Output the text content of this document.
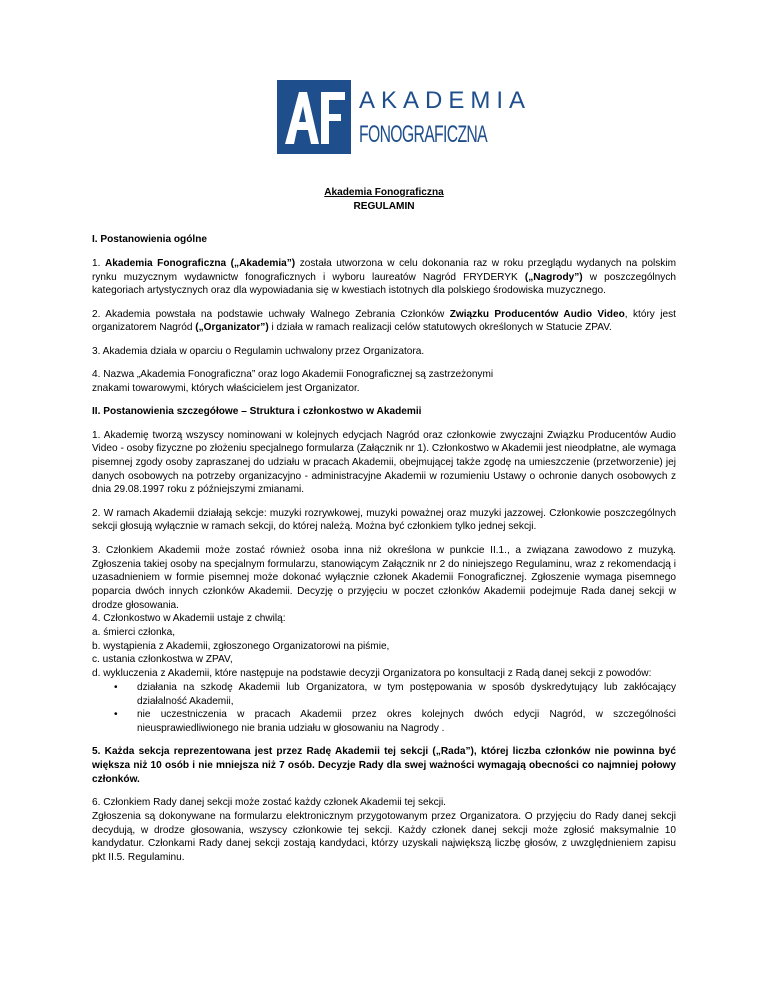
AKADEMIA
FONOGRAFICZNA
Akademia Fonograficzna
REGULAMIN
I. Postanowienia ogólne

1. Akademia Fonograficzna („Akademia”) została utworzona w celu dokonania raz w roku przeglądu wydanych na polskim rynku muzycznym wydawnictw fonograficznych i wyboru laureatów Nagród FRYDERYK („Nagrody”) w poszczególnych kategoriach artystycznych oraz dla wypowiadania się w kwestiach istotnych dla polskiego środowiska muzycznego.

2. Akademia powstała na podstawie uchwały Walnego Zebrania Członków Związku Producentów Audio Video, który jest organizatorem Nagród („Organizator”) i działa w ramach realizacji celów statutowych określonych w Statucie ZPAV.

3. Akademia działa w oparciu o Regulamin uchwalony przez Organizatora.

4. Nazwa „Akademia Fonograficzna” oraz logo Akademii Fonograficznej są zastrzeżonymi
znakami towarowymi, których właścicielem jest Organizator.

II. Postanowienia szczegółowe – Struktura i członkostwo w Akademii

1. Akademię tworzą wszyscy nominowani w kolejnych edycjach Nagród oraz członkowie zwyczajni Związku Producentów Audio Video - osoby fizyczne po złożeniu specjalnego formularza (Załącznik nr 1). Członkostwo w Akademii jest nieodpłatne, ale wymaga pisemnej zgody osoby zapraszanej do udziału w pracach Akademii, obejmującej także zgodę na umieszczenie (przetworzenie) jej danych osobowych na potrzeby organizacyjno - administracyjne Akademii w rozumieniu Ustawy o ochronie danych osobowych z dnia 29.08.1997 roku z późniejszymi zmianami.

2. W ramach Akademii działają sekcje: muzyki rozrywkowej, muzyki poważnej oraz muzyki jazzowej. Członkowie poszczególnych sekcji głosują wyłącznie w ramach sekcji, do której należą. Można być członkiem tylko jednej sekcji.

3. Członkiem Akademii może zostać również osoba inna niż określona w punkcie II.1., a związana zawodowo z muzyką. Zgłoszenia takiej osoby na specjalnym formularzu, stanowiącym Załącznik nr 2 do niniejszego Regulaminu, wraz z rekomendacją i uzasadnieniem w formie pisemnej może dokonać wyłącznie członek Akademii Fonograficznej. Zgłoszenie wymaga pisemnego poparcia dwóch innych członków Akademii. Decyzję o przyjęciu w poczet członków Akademii podejmuje Rada danej sekcji w drodze głosowania.

4. Członkostwo w Akademii ustaje z chwilą:
a. śmierci członka,
b. wystąpienia z Akademii, zgłoszonego Organizatorowi na piśmie,
c. ustania członkostwa w ZPAV,
d. wykluczenia z Akademii, które następuje na podstawie decyzji Organizatora po konsultacji z Radą danej sekcji z powodów:
• działania na szkodę Akademii lub Organizatora, w tym postępowania w sposób dyskredytujący lub zakłócający działalność Akademii,
• nie uczestniczenia w pracach Akademii przez okres kolejnych dwóch edycji Nagród, w szczególności nieusprawiedliwionego nie brania udziału w głosowaniu na Nagrody .

5. Każda sekcja reprezentowana jest przez Radę Akademii tej sekcji („Rada”), której liczba członków nie powinna być większa niż 10 osób i nie mniejsza niż 7 osób. Decyzje Rady dla swej ważności wymagają obecności co najmniej połowy członków.

6. Członkiem Rady danej sekcji może zostać każdy członek Akademii tej sekcji.
Zgłoszenia są dokonywane na formularzu elektronicznym przygotowanym przez Organizatora. O przyjęciu do Rady danej sekcji decydują, w drodze głosowania, wszyscy członkowie tej sekcji. Każdy członek danej sekcji może zgłosić maksymalnie 10 kandydatur. Członkami Rady danej sekcji zostają kandydaci, którzy uzyskali największą liczbę głosów, z uwzględnieniem zapisu pkt II.5. Regulaminu.
